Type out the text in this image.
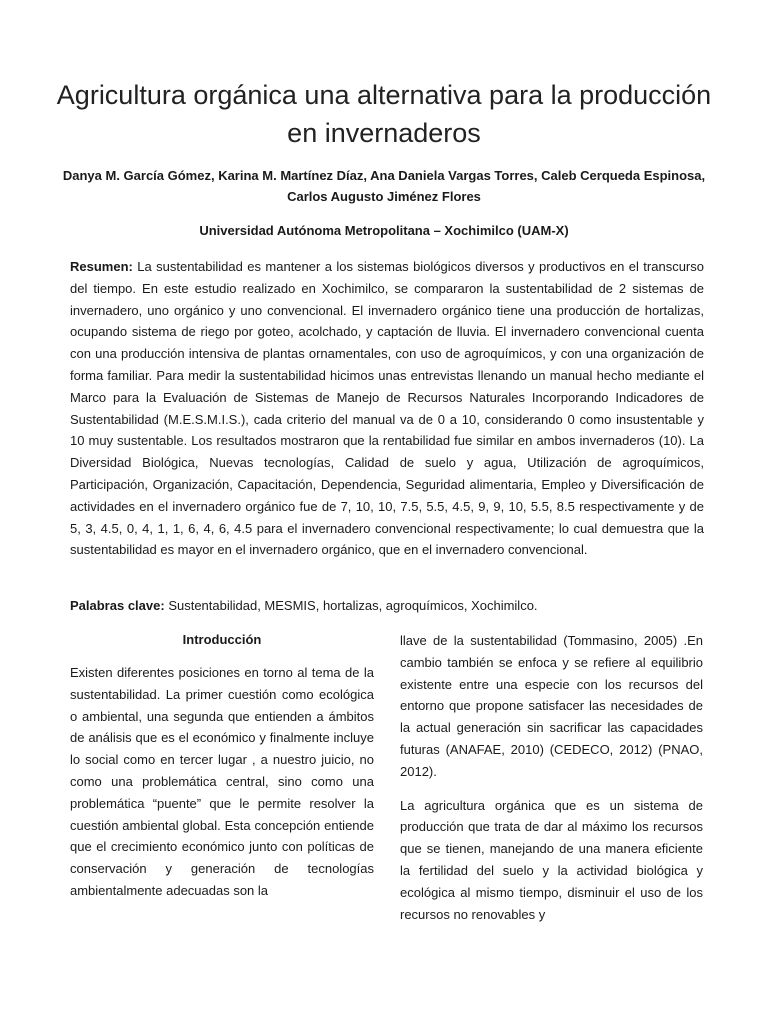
Agricultura orgánica una alternativa para la producción en invernaderos
Danya M. García Gómez, Karina M. Martínez Díaz, Ana Daniela Vargas Torres, Caleb Cerqueda Espinosa, Carlos Augusto Jiménez Flores
Universidad Autónoma Metropolitana – Xochimilco (UAM-X)
Resumen: La sustentabilidad es mantener a los sistemas biológicos diversos y productivos en el transcurso del tiempo. En este estudio realizado en Xochimilco, se compararon la sustentabilidad de 2 sistemas de invernadero, uno orgánico y uno convencional. El invernadero orgánico tiene una producción de hortalizas, ocupando sistema de riego por goteo, acolchado, y captación de lluvia. El invernadero convencional cuenta con una producción intensiva de plantas ornamentales, con uso de agroquímicos, y con una organización de forma familiar. Para medir la sustentabilidad hicimos unas entrevistas llenando un manual hecho mediante el Marco para la Evaluación de Sistemas de Manejo de Recursos Naturales Incorporando Indicadores de Sustentabilidad (M.E.S.M.I.S.), cada criterio del manual va de 0 a 10, considerando 0 como insustentable y 10 muy sustentable. Los resultados mostraron que la rentabilidad fue similar en ambos invernaderos (10). La Diversidad Biológica, Nuevas tecnologías, Calidad de suelo y agua, Utilización de agroquímicos, Participación, Organización, Capacitación, Dependencia, Seguridad alimentaria, Empleo y Diversificación de actividades en el invernadero orgánico fue de 7, 10, 10, 7.5, 5.5, 4.5, 9, 9, 10, 5.5, 8.5 respectivamente y de 5, 3, 4.5, 0, 4, 1, 1, 6, 4, 6, 4.5 para el invernadero convencional respectivamente; lo cual demuestra que la sustentabilidad es mayor en el invernadero orgánico, que en el invernadero convencional.
Palabras clave: Sustentabilidad, MESMIS, hortalizas, agroquímicos, Xochimilco.
Introducción

Existen diferentes posiciones en torno al tema de la sustentabilidad. La primer cuestión como ecológica o ambiental, una segunda que entienden a ámbitos de análisis que es el económico y finalmente incluye lo social como en tercer lugar , a nuestro juicio, no como una problemática central, sino como una problemática “puente” que le permite resolver la cuestión ambiental global. Esta concepción entiende que el crecimiento económico junto con políticas de conservación y generación de tecnologías ambientalmente adecuadas son la

llave de la sustentabilidad (Tommasino, 2005) .En cambio también se enfoca y se refiere al equilibrio existente entre una especie con los recursos del entorno que propone satisfacer las necesidades de la actual generación sin sacrificar las capacidades futuras (ANAFAE, 2010) (CEDECO, 2012) (PNAO, 2012).

La agricultura orgánica que es un sistema de producción que trata de dar al máximo los recursos que se tienen, manejando de una manera eficiente la fertilidad del suelo y la actividad biológica y ecológica al mismo tiempo, disminuir el uso de los recursos no renovables y
